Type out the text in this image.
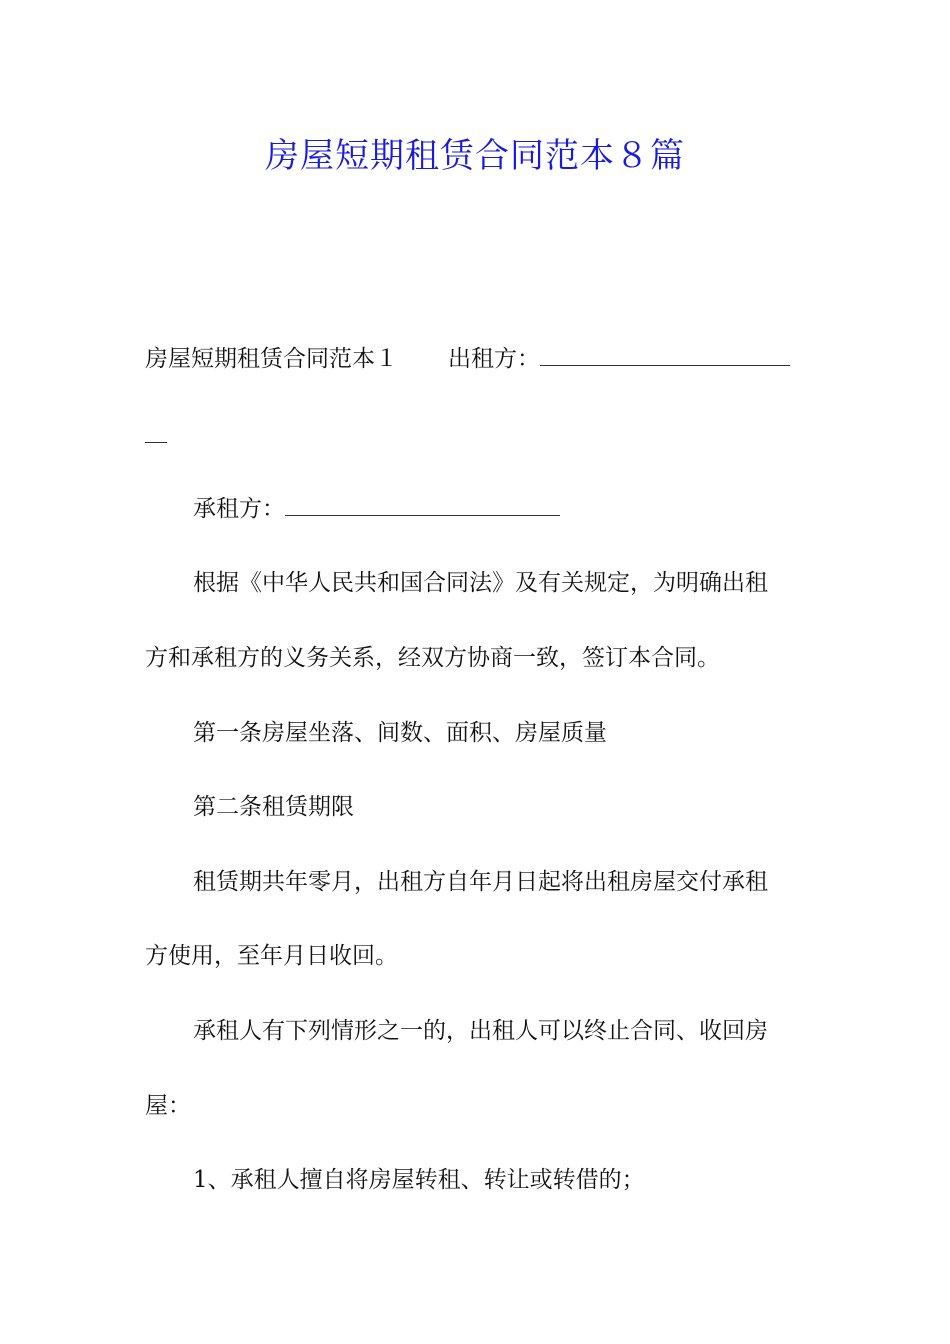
房屋短期租赁合同范本８篇

房屋短期租赁合同范本１ 出租方：

承租方：

根据《中华人民共和国合同法》及有关规定，为明确出租

方和承租方的义务关系，经双方协商一致，签订本合同。

第一条房屋坐落、间数、面积、房屋质量

第二条租赁期限

租赁期共年零月，出租方自年月日起将出租房屋交付承租

方使用，至年月日收回。

承租人有下列情形之一的，出租人可以终止合同、收回房

屋：

1、承租人擅自将房屋转租、转让或转借的；
